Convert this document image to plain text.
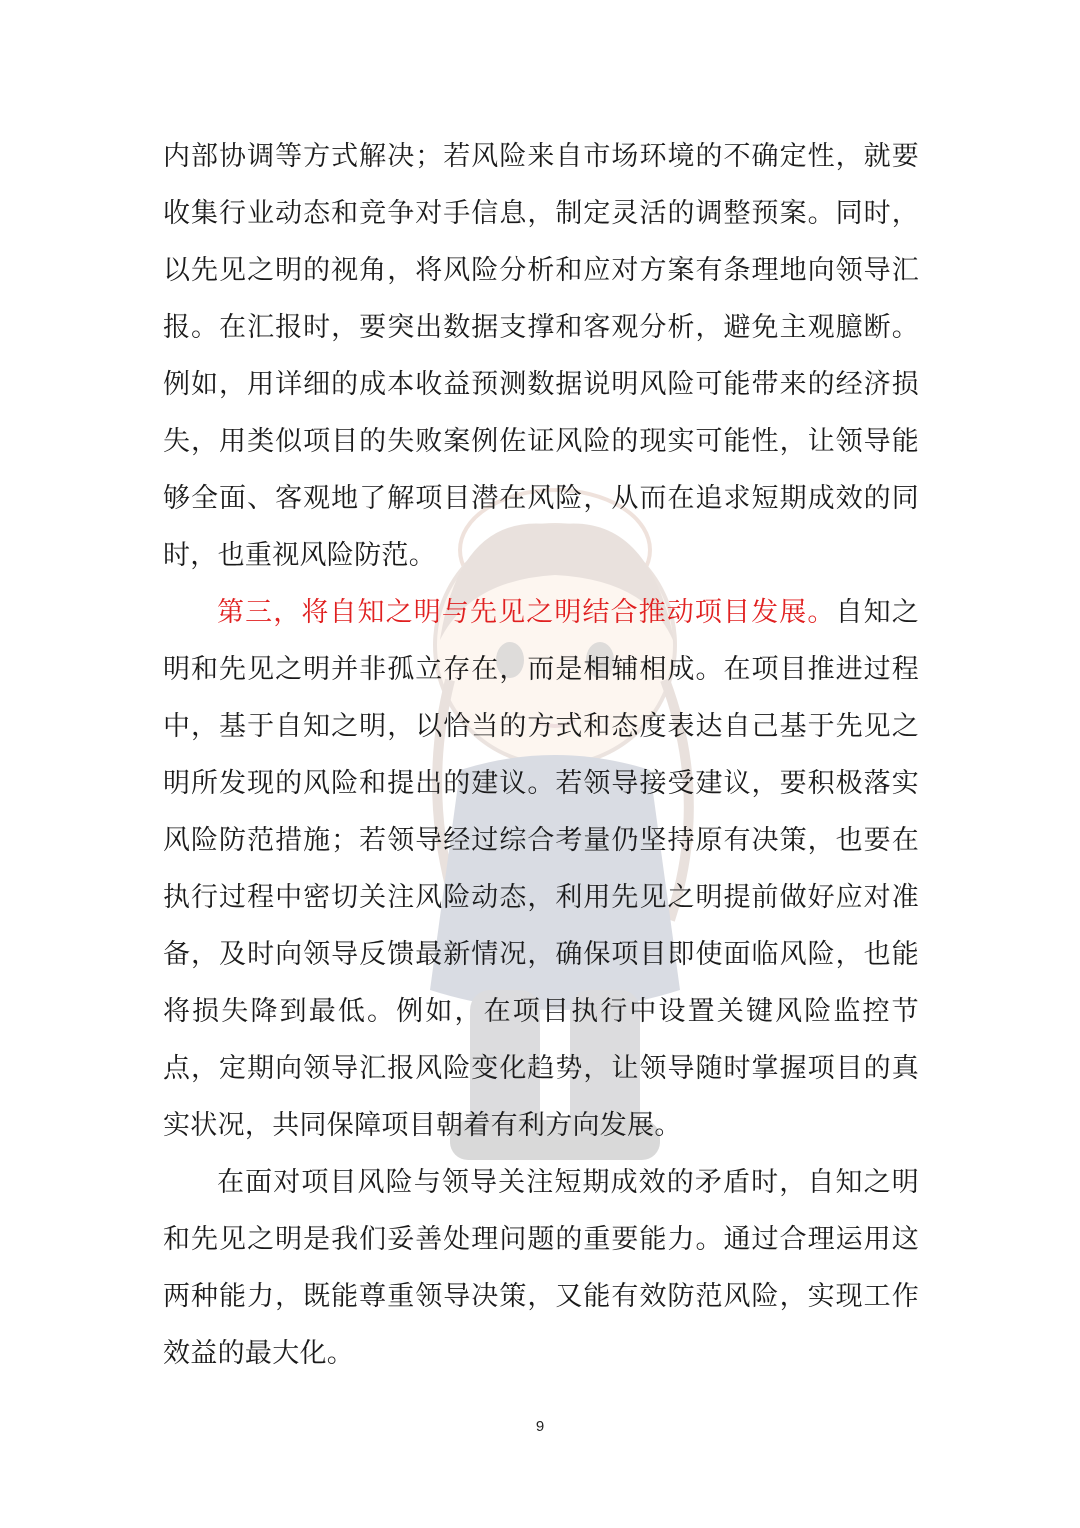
内部协调等方式解决；若风险来自市场环境的不确定性，就要收集行业动态和竞争对手信息，制定灵活的调整预案。同时，以先见之明的视角，将风险分析和应对方案有条理地向领导汇报。在汇报时，要突出数据支撑和客观分析，避免主观臆断。例如，用详细的成本收益预测数据说明风险可能带来的经济损失，用类似项目的失败案例佐证风险的现实可能性，让领导能够全面、客观地了解项目潜在风险，从而在追求短期成效的同时，也重视风险防范。

第三，将自知之明与先见之明结合推动项目发展。自知之明和先见之明并非孤立存在，而是相辅相成。在项目推进过程中，基于自知之明，以恰当的方式和态度表达自己基于先见之明所发现的风险和提出的建议。若领导接受建议，要积极落实风险防范措施；若领导经过综合考量仍坚持原有决策，也要在执行过程中密切关注风险动态，利用先见之明提前做好应对准备，及时向领导反馈最新情况，确保项目即使面临风险，也能将损失降到最低。例如，在项目执行中设置关键风险监控节点，定期向领导汇报风险变化趋势，让领导随时掌握项目的真实状况，共同保障项目朝着有利方向发展。

在面对项目风险与领导关注短期成效的矛盾时，自知之明和先见之明是我们妥善处理问题的重要能力。通过合理运用这两种能力，既能尊重领导决策，又能有效防范风险，实现工作效益的最大化。

9
